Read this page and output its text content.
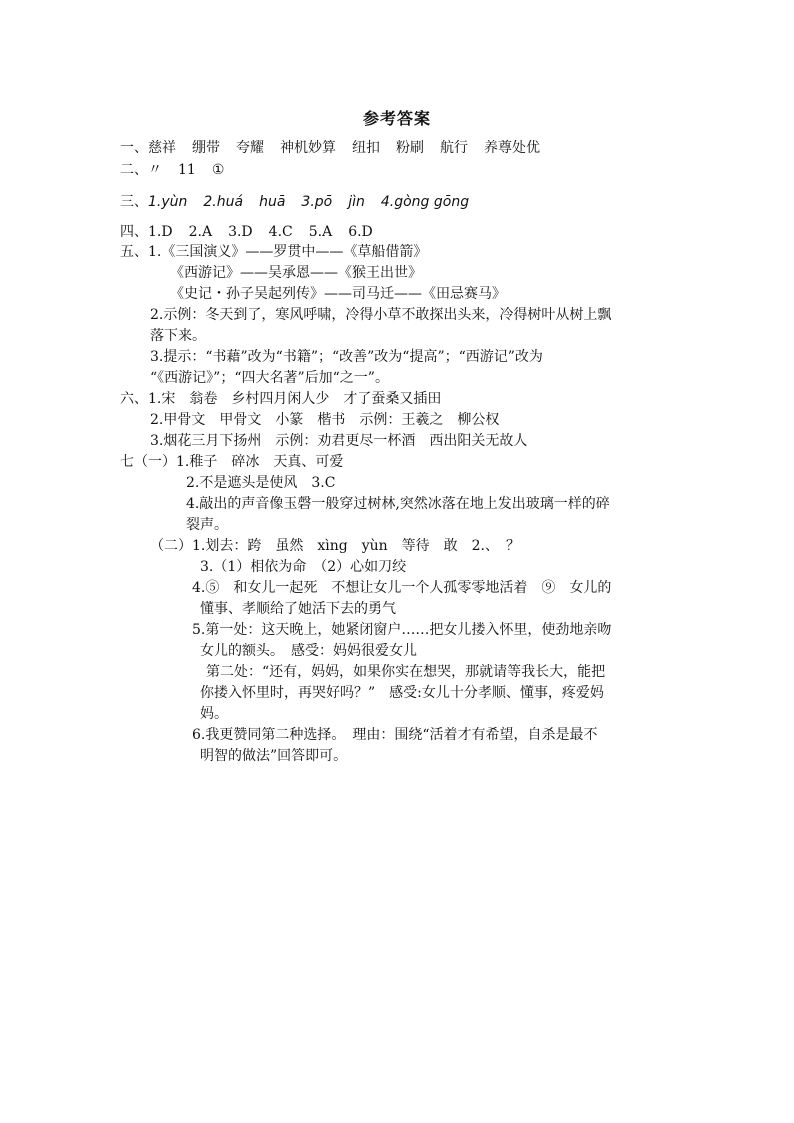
参考答案
一、慈祥 绷带 夸耀 神机妙算 纽扣 粉刷 航行 养尊处优
二、〃 11 ①
三、1.yùn 2.huá huā 3.pō jìn 4.gòng gōng
四、1.D 2.A 3.D 4.C 5.A 6.D
五、1.《三国演义》——罗贯中——《草船借箭》
《西游记》——吴承恩——《猴王出世》
《史记・孙子吴起列传》——司马迁——《田忌赛马》
2.示例：冬天到了，寒风呼啸，冷得小草不敢探出头来，冷得树叶从树上飘
落下来。
3.提示：“书藉”改为“书籍”；“改善”改为“提高”；“西游记”改为
“《西游记》”；“四大名著”后加“之一”。
六、1.宋　翁卷　乡村四月闲人少　才了蚕桑又插田
2.甲骨文　甲骨文　小篆　楷书　示例：王羲之　柳公权
3.烟花三月下扬州　示例：劝君更尽一杯酒　西出阳关无故人
七（一）1.稚子　碎冰　天真、可爱
2.不是遮头是使风　3.C
4.敲出的声音像玉磬一般穿过树林,突然冰落在地上发出玻璃一样的碎
裂声。
（二）1.划去：跨　虽然　xìng　yùn　等待　敢　2.、　？
3.（1）相依为命　（2）心如刀绞
4.⑤　和女儿一起死　不想让女儿一个人孤零零地活着　⑨　女儿的
懂事、孝顺给了她活下去的勇气
5.第一处：这天晚上，她紧闭窗户……把女儿搂入怀里，使劲地亲吻
女儿的额头。　感受：妈妈很爱女儿
第二处：“还有，妈妈，如果你实在想哭，那就请等我长大，能把
你搂入怀里时，再哭好吗？”　感受:女儿十分孝顺、懂事，疼爱妈
妈。
6.我更赞同第二种选择。　理由：围绕“活着才有希望，自杀是最不
明智的做法”回答即可。
